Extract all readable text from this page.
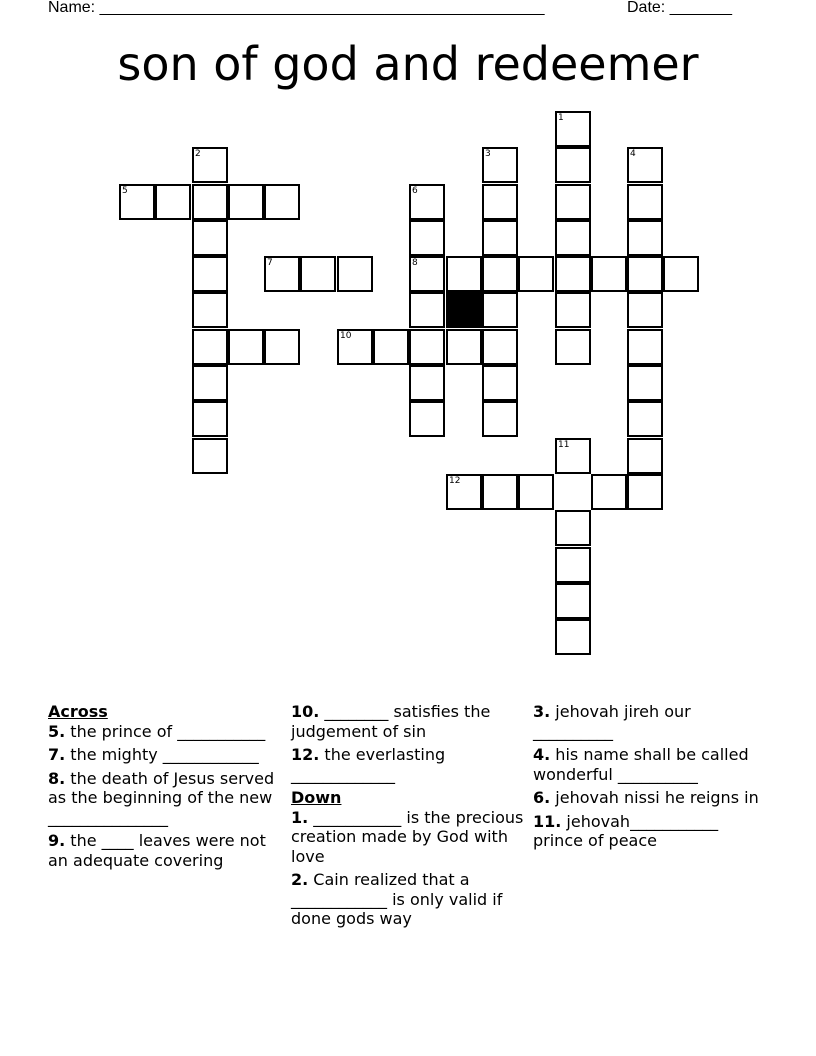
Name: __________________________________________________	Date: _______
son of god and redeemer
1
2	3	4
5	6
7	8
10
11
12
Across
5. the prince of ___________
7. the mighty ____________
8. the death of Jesus served as the beginning of the new _______________
9. the ____ leaves were not an adequate covering
10. ________ satisfies the judgement of sin
12. the everlasting _____________
Down
1. ___________ is the precious creation made by God with love
2. Cain realized that a ____________ is only valid if done gods way
3. jehovah jireh our __________
4. his name shall be called wonderful __________
6. jehovah nissi he reigns in
11. jehovah___________ prince of peace
